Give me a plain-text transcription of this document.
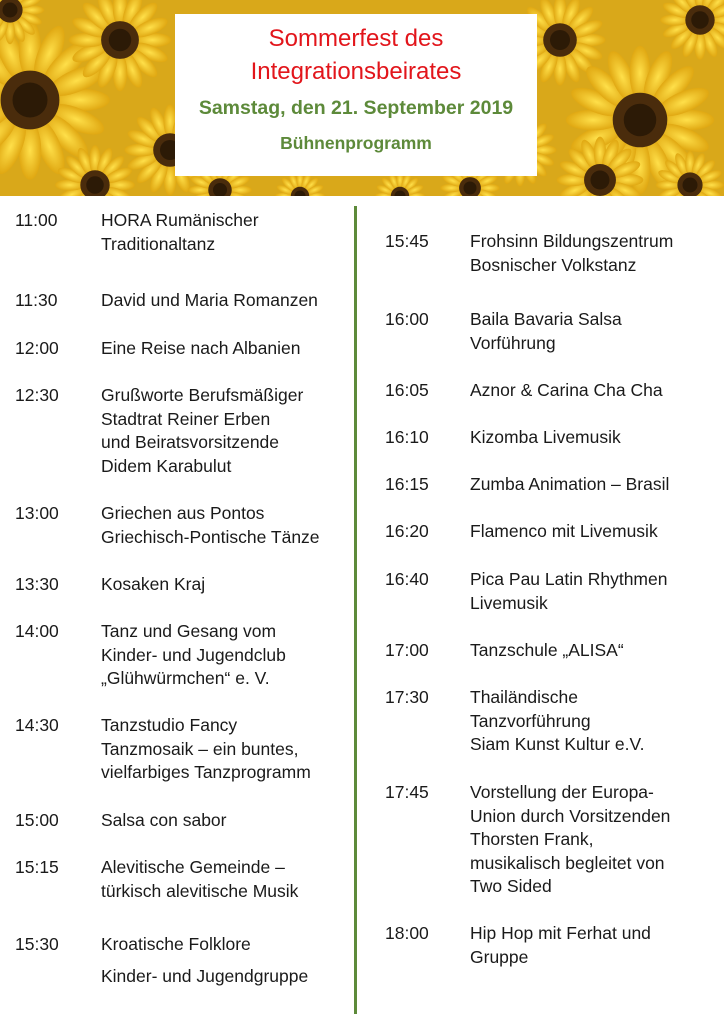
Sommerfest des
Integrationsbeirates
Samstag, den 21. September 2019
Bühnenprogramm
11:00 HORA Rumänischer
Traditionaltanz
11:30 David und Maria Romanzen
12:00 Eine Reise nach Albanien
12:30 Grußworte Berufsmäßiger
Stadtrat Reiner Erben
und Beiratsvorsitzende
Didem Karabulut
13:00 Griechen aus Pontos
Griechisch-Pontische Tänze
13:30 Kosaken Kraj
14:00 Tanz und Gesang vom
Kinder- und Jugendclub
„Glühwürmchen“ e. V.
14:30 Tanzstudio Fancy
Tanzmosaik – ein buntes,
vielfarbiges Tanzprogramm
15:00 Salsa con sabor
15:15 Alevitische Gemeinde –
türkisch alevitische Musik
15:30 Kroatische Folklore
Kinder- und Jugendgruppe
15:45 Frohsinn Bildungszentrum
Bosnischer Volkstanz
16:00 Baila Bavaria Salsa
Vorführung
16:05 Aznor & Carina Cha Cha
16:10 Kizomba Livemusik
16:15 Zumba Animation – Brasil
16:20 Flamenco mit Livemusik
16:40 Pica Pau Latin Rhythmen
Livemusik
17:00 Tanzschule „ALISA“
17:30 Thailändische
Tanzvorführung
Siam Kunst Kultur e.V.
17:45 Vorstellung der Europa-
Union durch Vorsitzenden
Thorsten Frank,
musikalisch begleitet von
Two Sided
18:00 Hip Hop mit Ferhat und
Gruppe
